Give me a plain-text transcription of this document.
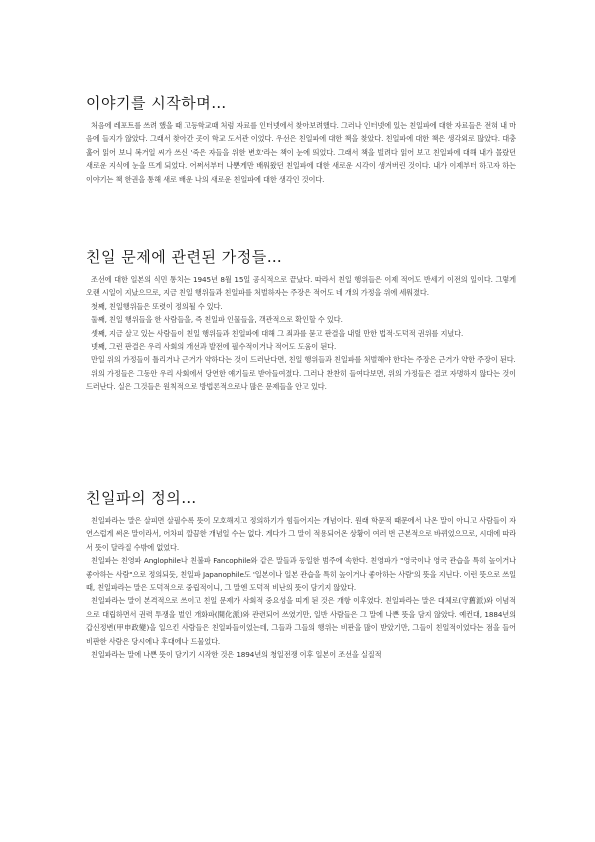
이야기를 시작하며…

처음에 레포트를 쓰려 했을 때 고등학교때 처럼 자료를 인터넷에서 찾아보려했다. 그러나 인터넷에 있는 친일파에 대한 자료들은 전혀 내 마음에 들지가 않았다. 그래서 찾아간 곳이 학교 도서관 이었다. 우선은 친일파에 대한 책을 찾았다. 친일파에 대한 책은 생각외로 많았다. 대충 훑어 읽어 보니 복거일 씨가 쓰신 '죽은 자들을 위한 변호'라는 책이 눈에 띄었다. 그래서 책을 빌려다 읽어 보고 친일파에 대해 내가 몰랐던 새로운 지식에 눈을 뜨게 되었다. 어쩌서부터 나뿐게만 배워왔던 친일파에 대한 새로운 시각이 생겨버린 것이다. 내가 이제부터 하고자 하는 이야기는 책 한권을 통해 새로 배운 나의 새로운 친일파에 대한 생각인 것이다.

친일 문제에 관련된 가정들…

조선에 대한 일본의 식민 통치는 1945년 8월 15일 공식적으로 끝났다. 따라서 친일 행위들은 이제 적어도 반세기 이전의 일이다. 그렇게 오랜 시일이 지났으므로, 지금 친일 행위들과 친일파를 처벌하자는 주장은 적어도 네 개의 가정을 위에 세워졌다.

첫째, 친일행위들은 또렷이 정의될 수 있다.

둘째, 친일 행위들을 한 사람들을, 즉 친일파 인물들을, 객관적으로 확인할 수 있다.

셋째, 지금 살고 있는 사람들이 친일 행위들과 친일파에 대해 그 죄과를 묻고 판결을 내릴 만한 법적·도덕적 권위를 지녔다.

넷째, 그런 판결은 우리 사회의 개선과 발전에 필수적이거나 적어도 도움이 된다.

만일 위의 가정들이 틀리거나 근거가 약하다는 것이 드러난다면, 친일 행위들과 친일파를 처벌해야 한다는 주장은 근거가 약한 주장이 된다.

위의 가정들은 그동안 우리 사회에서 당연한 얘기들로 받아들여졌다. 그러나 찬찬히 들여다보면, 위의 가정들은 결코 자명하지 않다는 것이 드러난다. 실은 그것들은 원칙적으로 방법론적으로나 많은 문제들을 안고 있다.

친일파의 정의…

친일파라는 말은 살피면 살필수록 뜻이 모호해지고 정의하기가 힘들어지는 개념이다. 원래 학문적 때문에서 나온 말이 아니고 사람들이 자연스럽게 써온 말이라서, 어차피 깔끔한 개념일 수는 없다. 게다가 그 말이 적용되어온 상황이 여러 번 근본적으로 바뀌었으므로, 시대에 따라서 뜻이 달라질 수밖에 없었다.

친일파는 친영파 Anglophile나 친불파 Fancophile와 같은 말들과 동일한 범주에 속한다. 친영파가 "영국이나 영국 관습을 특히 높이거나 좋아하는 사람"으로 정의되듯, 친일파 Japanophile도 '일본이나 일본 관습을 특히 높이거나 좋아하는 사람'의 뜻을 지닌다. 이런 뜻으로 쓰일 때, 친일파라는 말은 도덕적으로 중립적이니, 그 말엔 도덕적 비난의 뜻이 담기지 않았다.

친일파라는 말이 본격적으로 쓰이고 친일 문제가 사회적 중요성을 띠게 된 것은 개항 이후였다. 친일파라는 말은 대체로(守舊派)와 이념적으로 대립하면서 권력 투쟁을 벌인 개화파(開化派)와 관련되어 쓰였기만, 일반 사람들은 그 말에 나쁜 뜻을 담지 않았다. 예컨대, 1884년의 갑신정변(甲申政變)을 일으킨 사람들은 친일파들이었는데, 그들과 그들의 행위는 비판을 많이 받았기만, 그들이 친일적이었다는 점을 들어 비판한 사람은 당시에나 후대에나 드물었다.

친일파라는 말에 나쁜 뜻이 담기기 시작한 것은 1894년의 청일전쟁 이후 일본이 조선을 실질적
